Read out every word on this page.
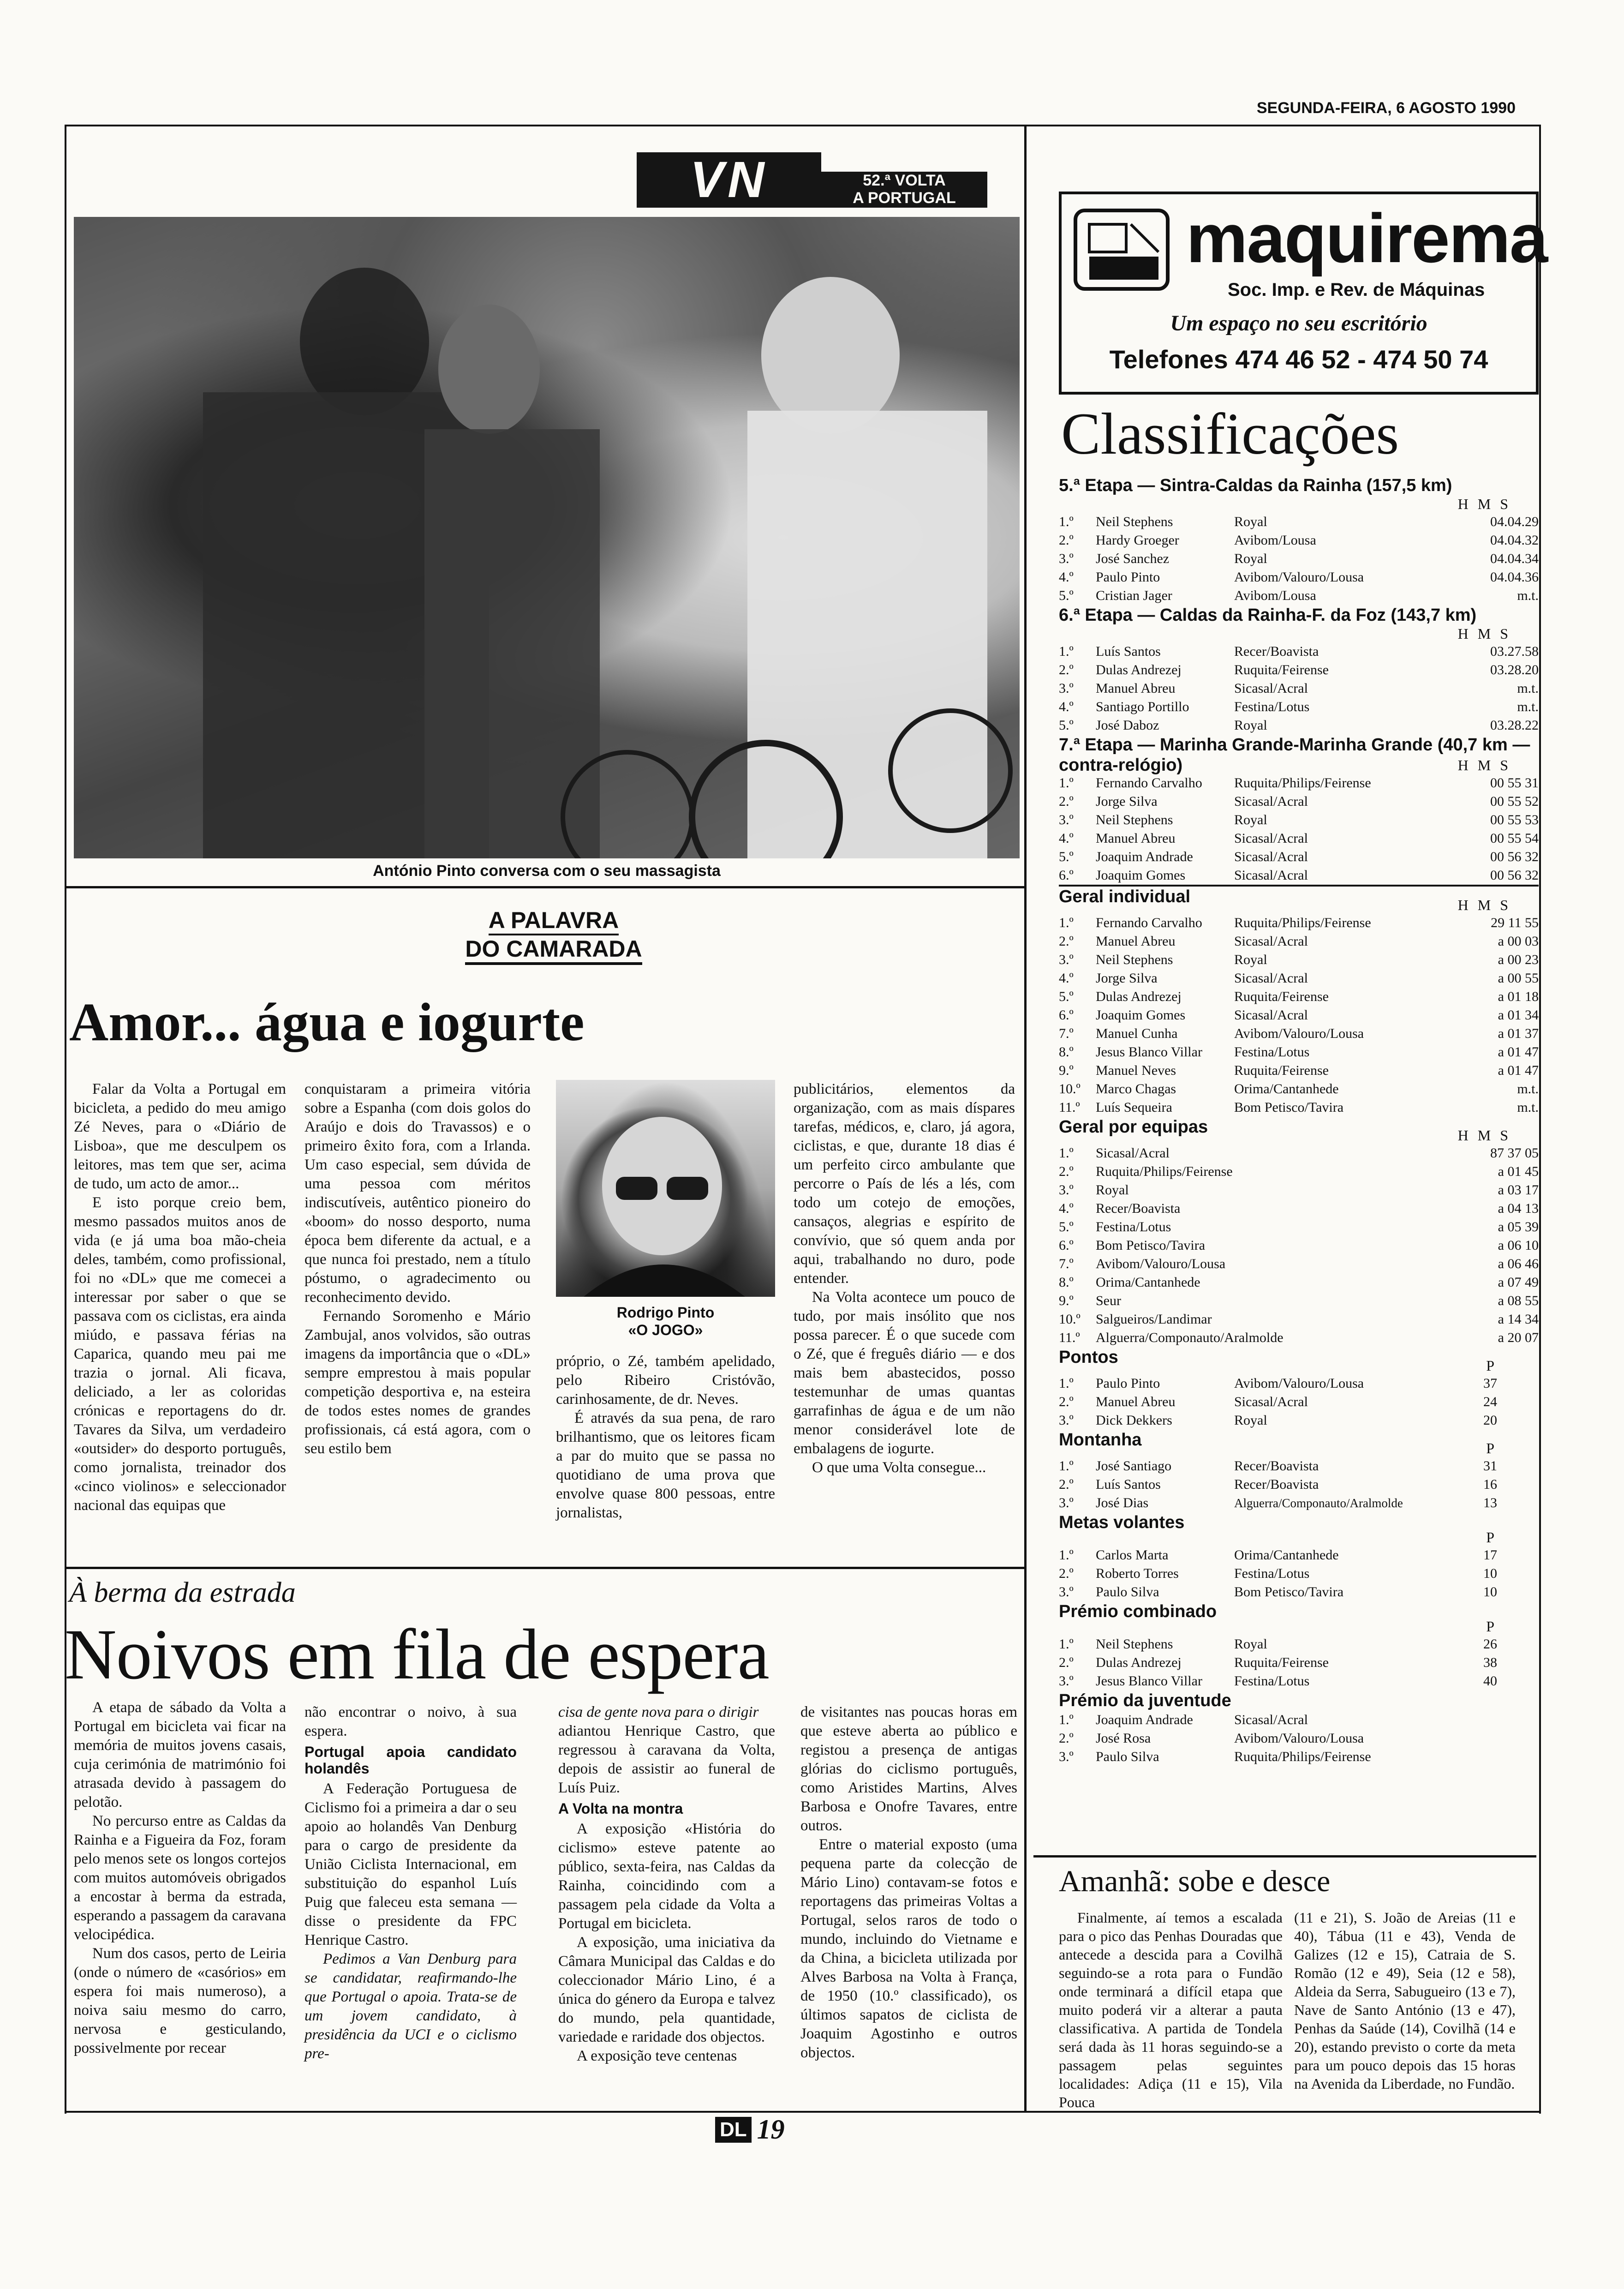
SEGUNDA-FEIRA, 6 AGOSTO 1990
VN	52.ª VOLTA
A PORTUGAL
António Pinto conversa com o seu massagista
maquirema
Soc. Imp. e Rev. de Máquinas
Um espaço no seu escritório
Telefones 474 46 52 - 474 50 74
Classificações
5.ª Etapa — Sintra-Caldas da Rainha (157,5 km)
H M S
1.º	Neil Stephens	Royal	04.04.29
2.º	Hardy Groeger	Avibom/Lousa	04.04.32
3.º	José Sanchez	Royal	04.04.34
4.º	Paulo Pinto	Avibom/Valouro/Lousa	04.04.36
5.º	Cristian Jager	Avibom/Lousa	m.t.
6.ª Etapa — Caldas da Rainha-F. da Foz (143,7 km)
H M S
1.º	Luís Santos	Recer/Boavista	03.27.58
2.º	Dulas Andrezej	Ruquita/Feirense	03.28.20
3.º	Manuel Abreu	Sicasal/Acral	m.t.
4.º	Santiago Portillo	Festina/Lotus	m.t.
5.º	José Daboz	Royal	03.28.22
7.ª Etapa — Marinha Grande-Marinha Grande (40,7 km — contra-relógio)	H M S
1.º	Fernando Carvalho	Ruquita/Philips/Feirense	00 55 31
2.º	Jorge Silva	Sicasal/Acral	00 55 52
3.º	Neil Stephens	Royal	00 55 53
4.º	Manuel Abreu	Sicasal/Acral	00 55 54
5.º	Joaquim Andrade	Sicasal/Acral	00 56 32
6.º	Joaquim Gomes	Sicasal/Acral	00 56 32
Geral individual	H M S
1.º	Fernando Carvalho	Ruquita/Philips/Feirense	29 11 55
2.º	Manuel Abreu	Sicasal/Acral	a 00 03
3.º	Neil Stephens	Royal	a 00 23
4.º	Jorge Silva	Sicasal/Acral	a 00 55
5.º	Dulas Andrezej	Ruquita/Feirense	a 01 18
6.º	Joaquim Gomes	Sicasal/Acral	a 01 34
7.º	Manuel Cunha	Avibom/Valouro/Lousa	a 01 37
8.º	Jesus Blanco Villar	Festina/Lotus	a 01 47
9.º	Manuel Neves	Ruquita/Feirense	a 01 47
10.º	Marco Chagas	Orima/Cantanhede	m.t.
11.º	Luís Sequeira	Bom Petisco/Tavira	m.t.
Geral por equipas	H M S
1.º	Sicasal/Acral	87 37 05
2.º	Ruquita/Philips/Feirense	a 01 45
3.º	Royal	a 03 17
4.º	Recer/Boavista	a 04 13
5.º	Festina/Lotus	a 05 39
6.º	Bom Petisco/Tavira	a 06 10
7.º	Avibom/Valouro/Lousa	a 06 46
8.º	Orima/Cantanhede	a 07 49
9.º	Seur	a 08 55
10.º	Salgueiros/Landimar	a 14 34
11.º	Alguerra/Componauto/Aralmolde	a 20 07
Pontos	P
1.º	Paulo Pinto	Avibom/Valouro/Lousa	37
2.º	Manuel Abreu	Sicasal/Acral	24
3.º	Dick Dekkers	Royal	20
Montanha	P
1.º	José Santiago	Recer/Boavista	31
2.º	Luís Santos	Recer/Boavista	16
3.º	José Dias	Alguerra/Componauto/Aralmolde	13
Metas volantes
P
1.º	Carlos Marta	Orima/Cantanhede	17
2.º	Roberto Torres	Festina/Lotus	10
3.º	Paulo Silva	Bom Petisco/Tavira	10
Prémio combinado
P
1.º	Neil Stephens	Royal	26
2.º	Dulas Andrezej	Ruquita/Feirense	38
3.º	Jesus Blanco Villar	Festina/Lotus	40
Prémio da juventude
1.º	Joaquim Andrade	Sicasal/Acral	
2.º	José Rosa	Avibom/Valouro/Lousa	
3.º	Paulo Silva	Ruquita/Philips/Feirense	
Amanhã: sobe e desce

Finalmente, aí temos a escalada para o pico das Penhas Douradas que antecede a descida para a Covilhã seguindo-se a rota para o Fundão onde terminará a difícil etapa que muito poderá vir a alterar a pauta classificativa. A partida de Tondela será dada às 11 horas seguindo-se a passagem pelas seguintes localidades: Adiça (11 e 15), Vila Pouca

(11 e 21), S. João de Areias (11 e 40), Tábua (11 e 43), Venda de Galizes (12 e 15), Catraia de S. Romão (12 e 49), Seia (12 e 58), Aldeia da Serra, Sabugueiro (13 e 7), Nave de Santo António (13 e 47), Penhas da Saúde (14), Covilhã (14 e 20), estando previsto o corte da meta para um pouco depois das 15 horas na Avenida da Liberdade, no Fundão.

A PALAVRA
DO CAMARADA
Amor... água e iogurte

Falar da Volta a Portugal em bicicleta, a pedido do meu amigo Zé Neves, para o «Diário de Lisboa», que me desculpem os leitores, mas tem que ser, acima de tudo, um acto de amor...

E isto porque creio bem, mesmo passados muitos anos de vida (e já uma boa mão-cheia deles, também, como profissional, foi no «DL» que me comecei a interessar por saber o que se passava com os ciclistas, era ainda miúdo, e passava férias na Caparica, quando meu pai me trazia o jornal. Ali ficava, deliciado, a ler as coloridas crónicas e reportagens do dr. Tavares da Silva, um verdadeiro «outsider» do desporto português, como jornalista, treinador dos «cinco violinos» e seleccionador nacional das equipas que

conquistaram a primeira vitória sobre a Espanha (com dois golos do Araújo e dois do Travassos) e o primeiro êxito fora, com a Irlanda. Um caso especial, sem dúvida de uma pessoa com méritos indiscutíveis, autêntico pioneiro do «boom» do nosso desporto, numa época bem diferente da actual, e a que nunca foi prestado, nem a título póstumo, o agradecimento ou reconhecimento devido.

Fernando Soromenho e Mário Zambujal, anos volvidos, são outras imagens da importância que o «DL» sempre emprestou à mais popular competição desportiva e, na esteira de todos estes nomes de grandes profissionais, cá está agora, com o seu estilo bem

Rodrigo Pinto
«O JOGO»

próprio, o Zé, também apelidado, pelo Ribeiro Cristóvão, carinhosamente, de dr. Neves.

É através da sua pena, de raro brilhantismo, que os leitores ficam a par do muito que se passa no quotidiano de uma prova que envolve quase 800 pessoas, entre jornalistas,

publicitários, elementos da organização, com as mais díspares tarefas, médicos, e, claro, já agora, ciclistas, e que, durante 18 dias é um perfeito circo ambulante que percorre o País de lés a lés, com todo um cotejo de emoções, cansaços, alegrias e espírito de convívio, que só quem anda por aqui, trabalhando no duro, pode entender.

Na Volta acontece um pouco de tudo, por mais insólito que nos possa parecer. É o que sucede com o Zé, que é freguês diário — e dos mais bem abastecidos, posso testemunhar de umas quantas garrafinhas de água e de um não menor considerável lote de embalagens de iogurte.

O que uma Volta consegue...

À berma da estrada
Noivos em fila de espera

A etapa de sábado da Volta a Portugal em bicicleta vai ficar na memória de muitos jovens casais, cuja cerimónia de matrimónio foi atrasada devido à passagem do pelotão.

No percurso entre as Caldas da Rainha e a Figueira da Foz, foram pelo menos sete os longos cortejos com muitos automóveis obrigados a encostar à berma da estrada, esperando a passagem da caravana velocipédica.

Num dos casos, perto de Leiria (onde o número de «casórios» em espera foi mais numeroso), a noiva saiu mesmo do carro, nervosa e gesticulando, possivelmente por recear

não encontrar o noivo, à sua espera.

Portugal apoia candidato holandês

A Federação Portuguesa de Ciclismo foi a primeira a dar o seu apoio ao holandês Van Denburg para o cargo de presidente da União Ciclista Internacional, em substituição do espanhol Luís Puig que faleceu esta semana — disse o presidente da FPC Henrique Castro.

Pedimos a Van Denburg para se candidatar, reafirmando-lhe que Portugal o apoia. Trata-se de um jovem candidato, à presidência da UCI e o ciclismo pre-

cisa de gente nova para o dirigir

adiantou Henrique Castro, que regressou à caravana da Volta, depois de assistir ao funeral de Luís Puiz.

A Volta na montra

A exposição «História do ciclismo» esteve patente ao público, sexta-feira, nas Caldas da Rainha, coincidindo com a passagem pela cidade da Volta a Portugal em bicicleta.

A exposição, uma iniciativa da Câmara Municipal das Caldas e do coleccionador Mário Lino, é a única do género da Europa e talvez do mundo, pela quantidade, variedade e raridade dos objectos.

A exposição teve centenas

de visitantes nas poucas horas em que esteve aberta ao público e registou a presença de antigas glórias do ciclismo português, como Aristides Martins, Alves Barbosa e Onofre Tavares, entre outros.

Entre o material exposto (uma pequena parte da colecção de Mário Lino) contavam-se fotos e reportagens das primeiras Voltas a Portugal, selos raros de todo o mundo, incluindo do Vietname e da China, a bicicleta utilizada por Alves Barbosa na Volta à França, de 1950 (10.º classificado), os últimos sapatos de ciclista de Joaquim Agostinho e outros objectos.

DL 19
